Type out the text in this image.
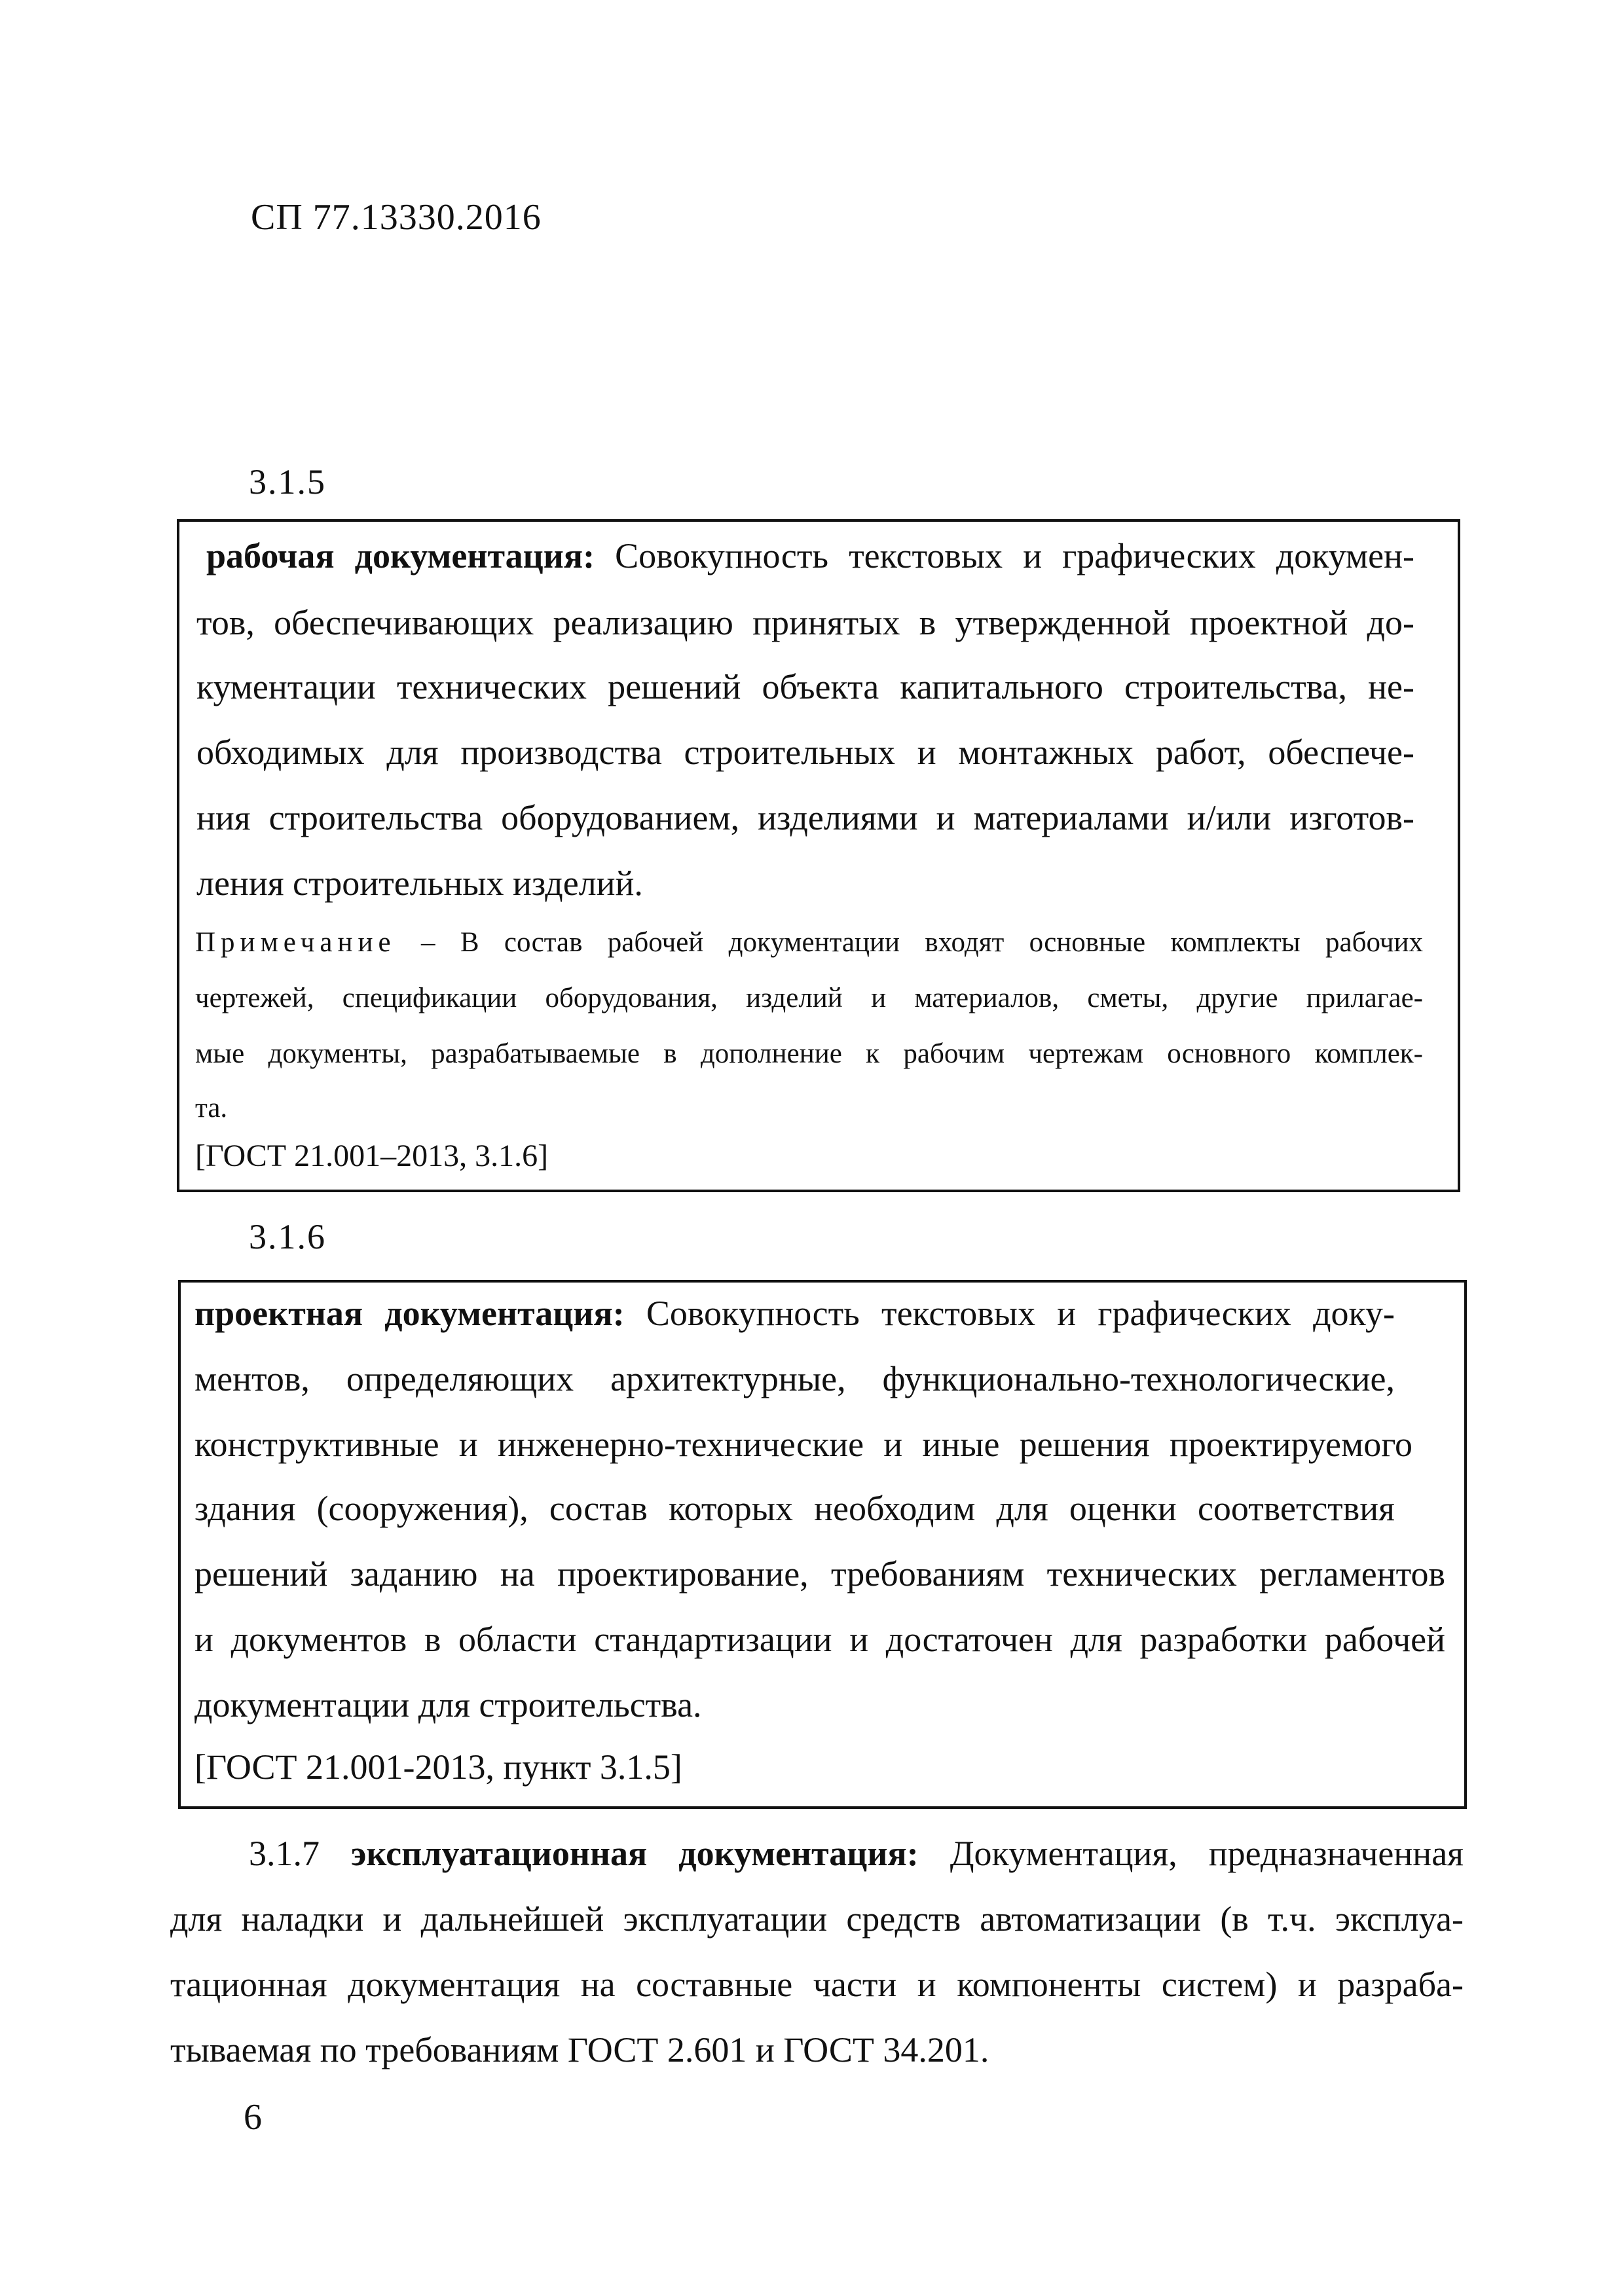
СП 77.13330.2016
3.1.5
рабочая документация: Совокупность текстовых и графических докумен-
тов, обеспечивающих реализацию принятых в утвержденной проектной до-
кументации технических решений объекта капитального строительства, не-
обходимых для производства строительных и монтажных работ, обеспече-
ния строительства оборудованием, изделиями и материалами и/или изготов-
ления строительных изделий.
Примечание – В состав рабочей документации входят основные комплекты рабочих
чертежей, спецификации оборудования, изделий и материалов, сметы, другие прилагае-
мые документы, разрабатываемые в дополнение к рабочим чертежам основного комплек-
та.
[ГОСТ 21.001–2013, 3.1.6]
3.1.6
проектная документация: Совокупность текстовых и графических доку-
ментов, определяющих архитектурные, функционально-технологические,
конструктивные и инженерно-технические и иные решения проектируемого
здания (сооружения), состав которых необходим для оценки соответствия
решений заданию на проектирование, требованиям технических регламентов
и документов в области стандартизации и достаточен для разработки рабочей
документации для строительства.
[ГОСТ 21.001-2013, пункт 3.1.5]
3.1.7 эксплуатационная документация: Документация, предназначенная
для наладки и дальнейшей эксплуатации средств автоматизации (в т.ч. эксплуа-
тационная документация на составные части и компоненты систем) и разраба-
тываемая по требованиям ГОСТ 2.601 и ГОСТ 34.201.
6
